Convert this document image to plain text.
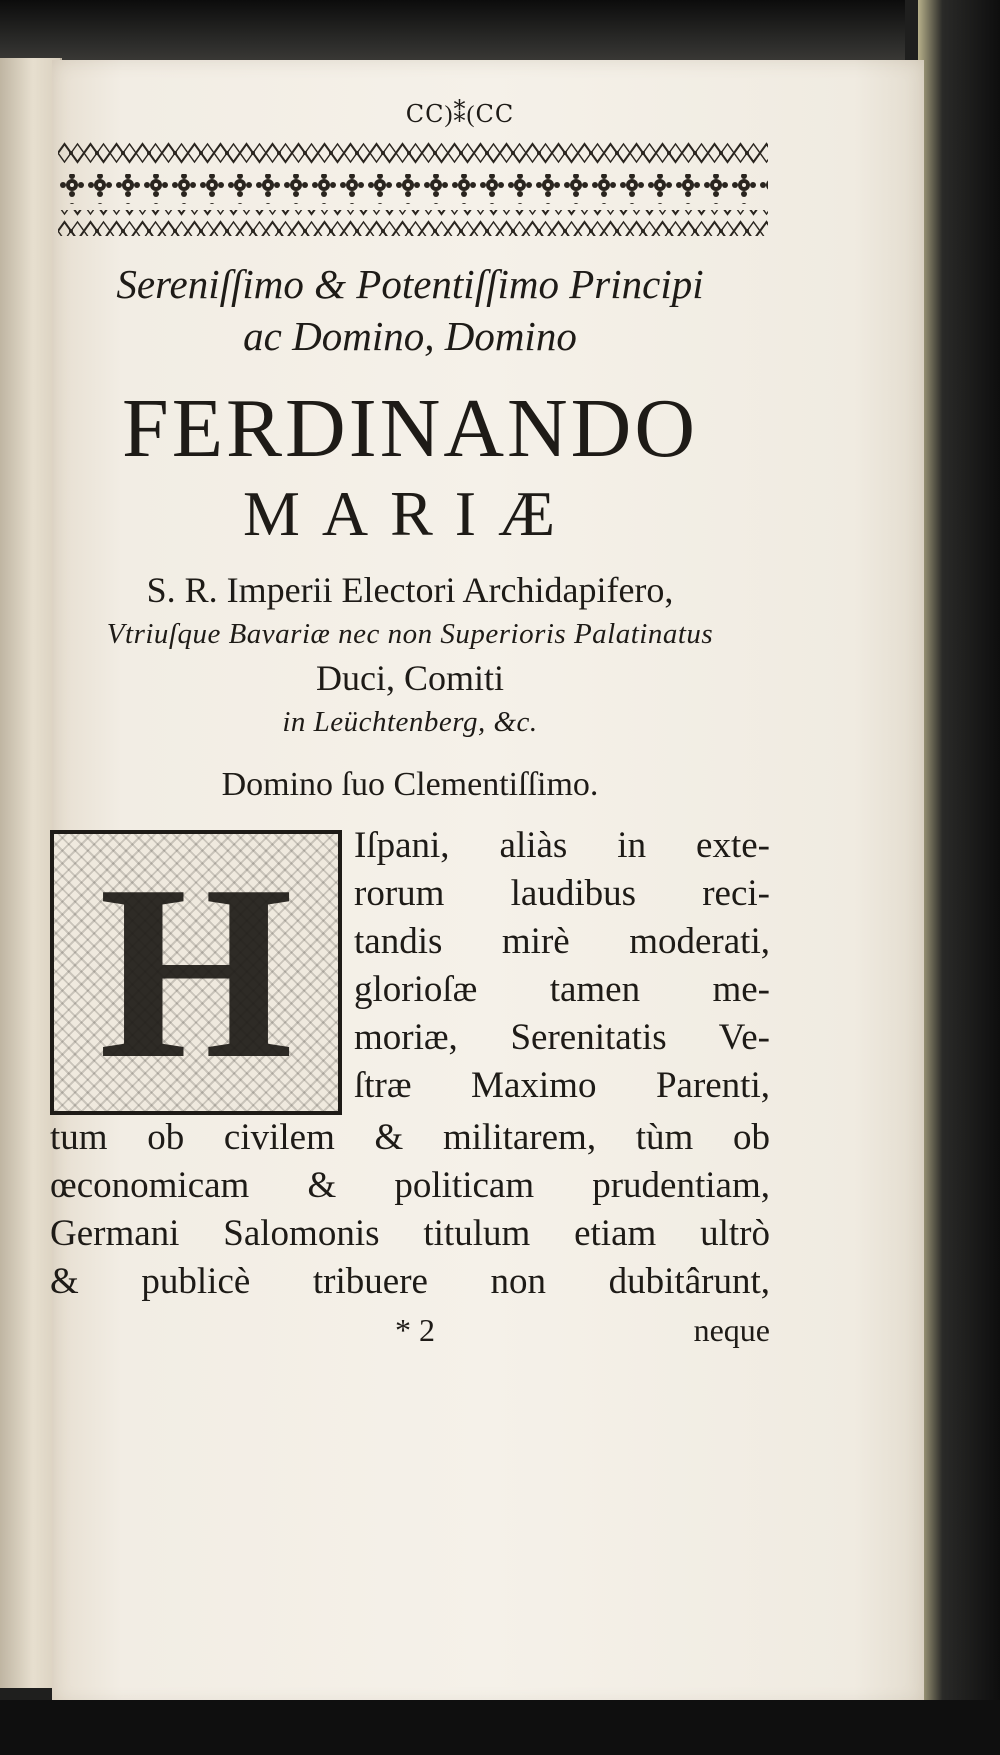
ⅭⅭ)⁑(ⅭⅭ
Sereniſſimo & Potentiſſimo Principi
ac Domino, Domino
FERDINANDO
MARIÆ
S. R. Imperii Electori Archidapifero,
Vtriuſque Bavariæ nec non Superioris Palatinatus
Duci, Comiti
in Leüchtenberg, &c.
Domino ſuo Clementiſſimo.
H Iſpani, aliàs in exte-
rorum laudibus reci-
tandis mirè moderati,
glorioſæ tamen me-
moriæ, Serenitatis Ve-
ſtræ Maximo Parenti,
tum ob civilem & militarem, tùm ob
œconomicam & politicam prudentiam,
Germani Salomonis titulum etiam ultrò
& publicè tribuere non dubitârunt,
* 2	neque
